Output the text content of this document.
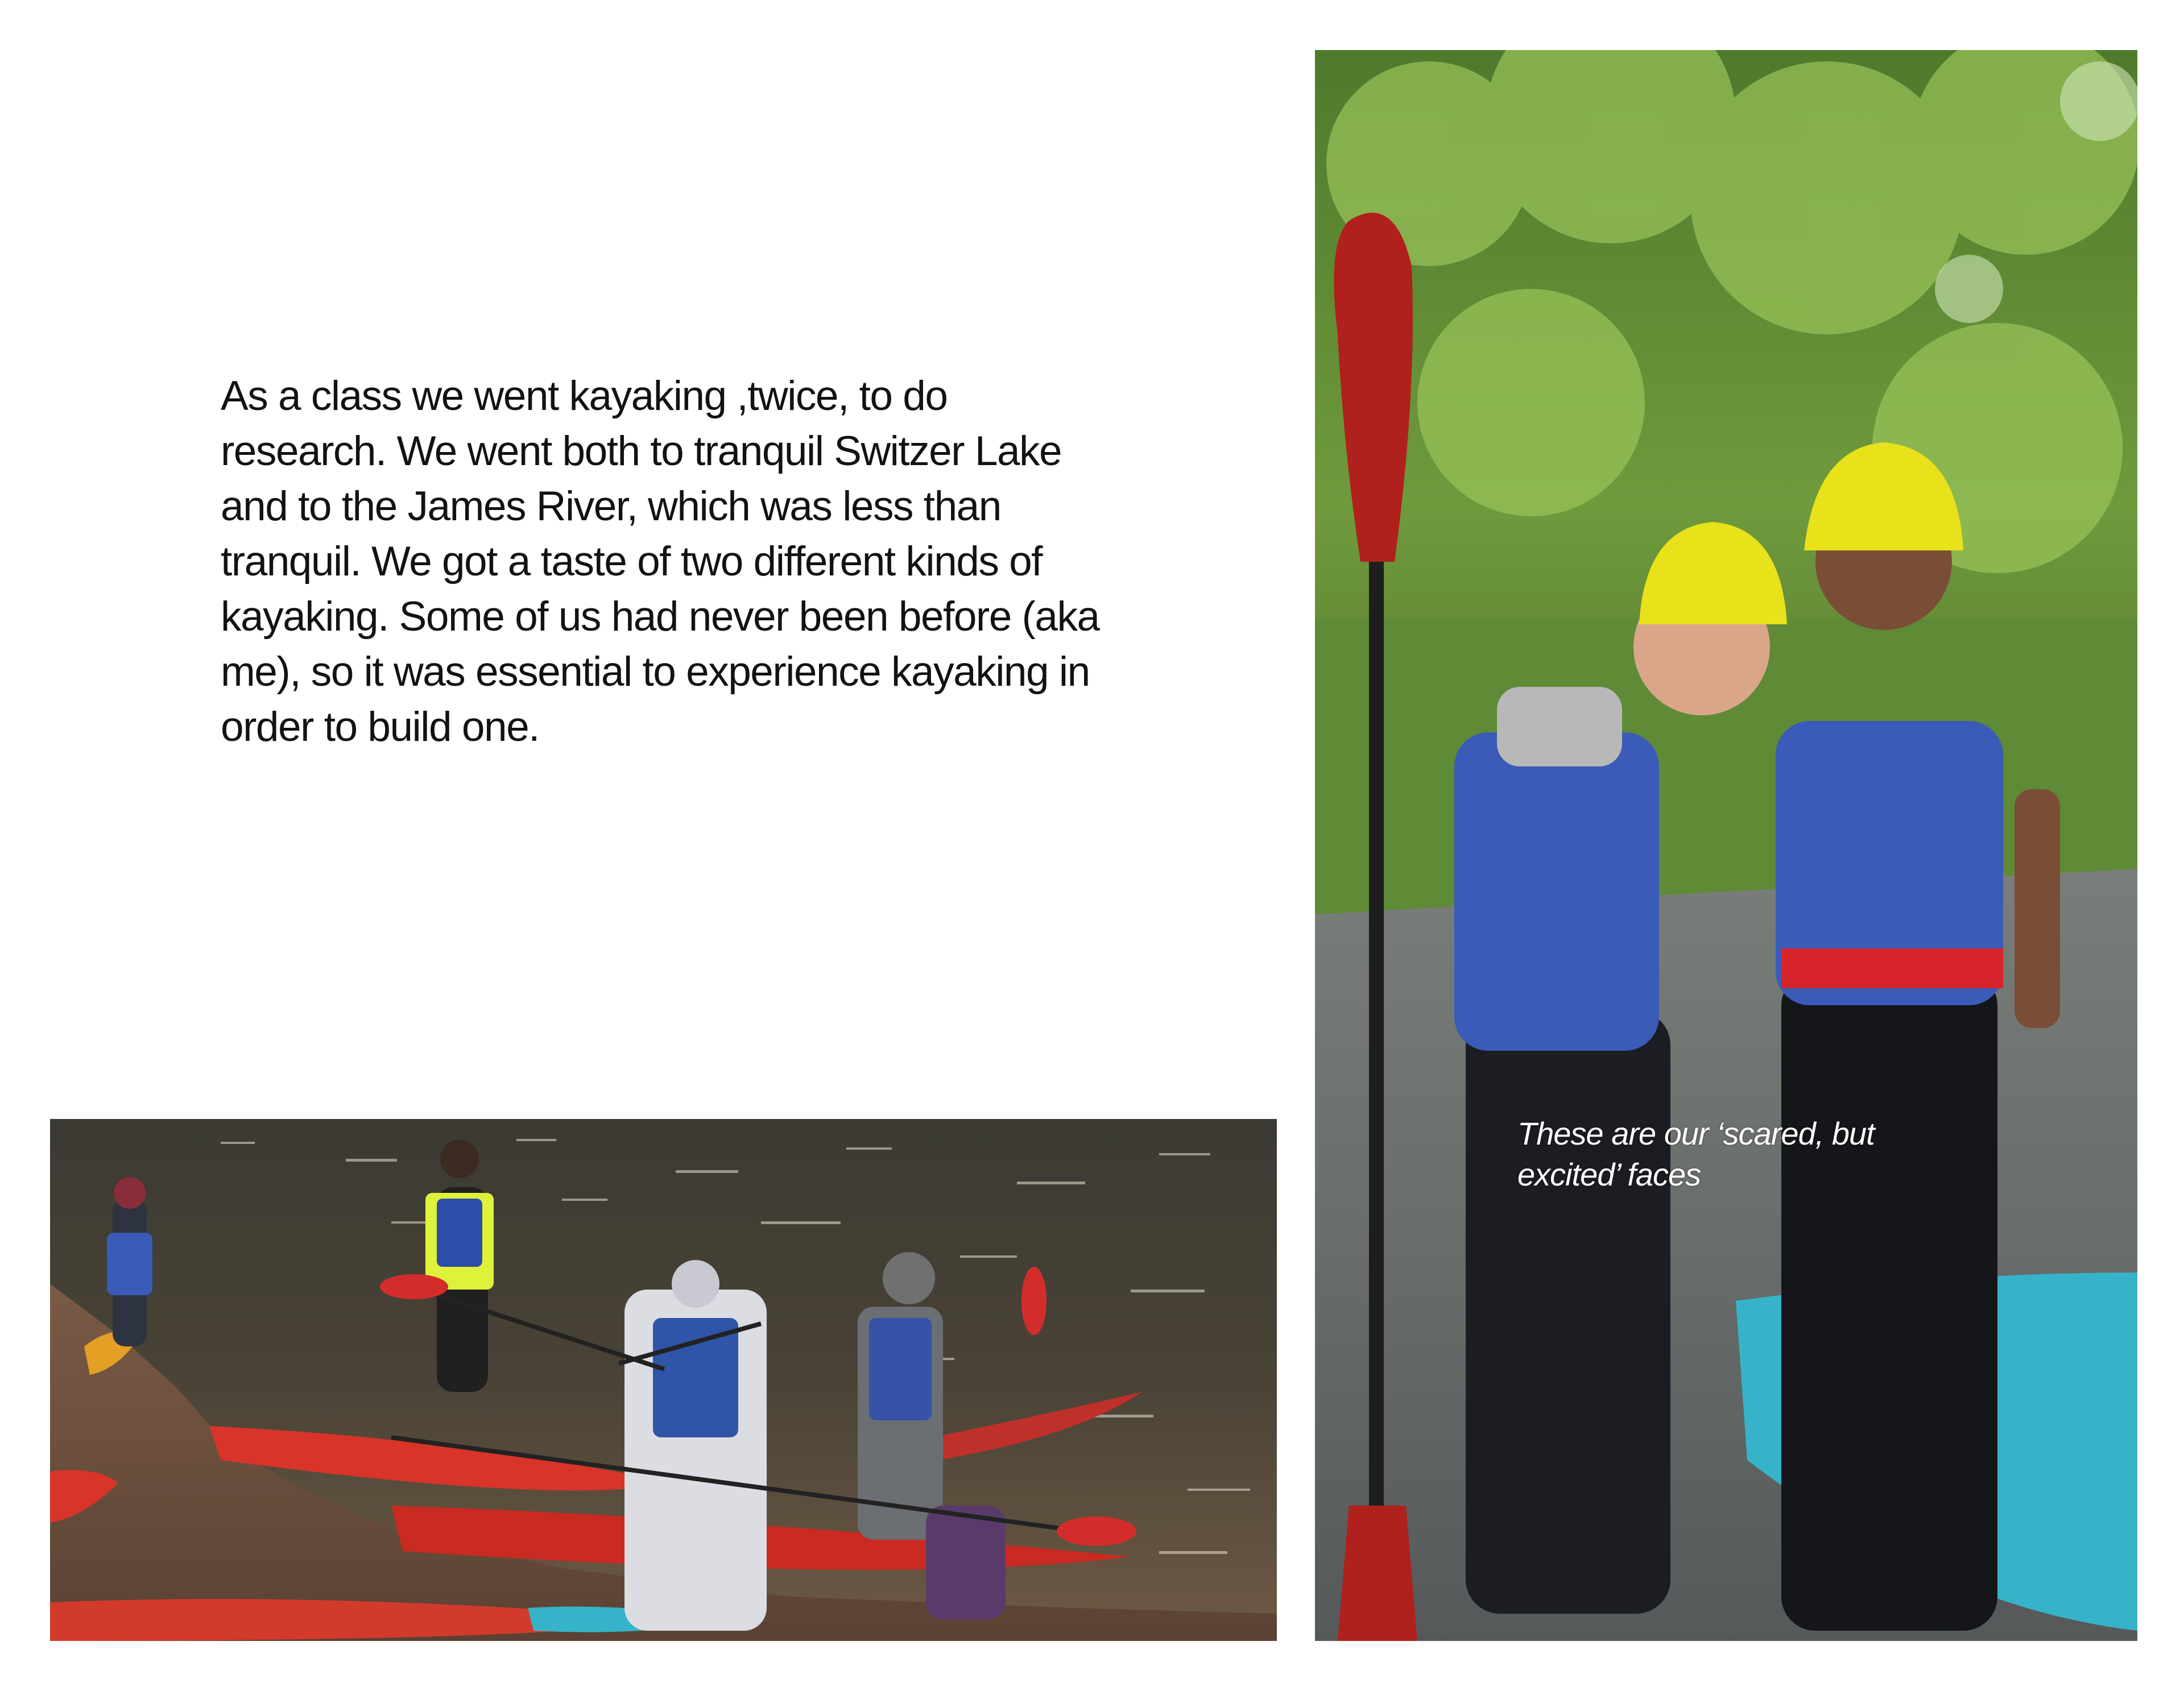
As a class we went kayaking ,twice, to do research. We went both to tranquil Switzer Lake and to the James River, which was less than tranquil. We got a taste of two different kinds of kayaking. Some of us had never been before (aka me), so it was essential to experience kayaking in order to build one.

These are our ‘scared, but excited’ faces
